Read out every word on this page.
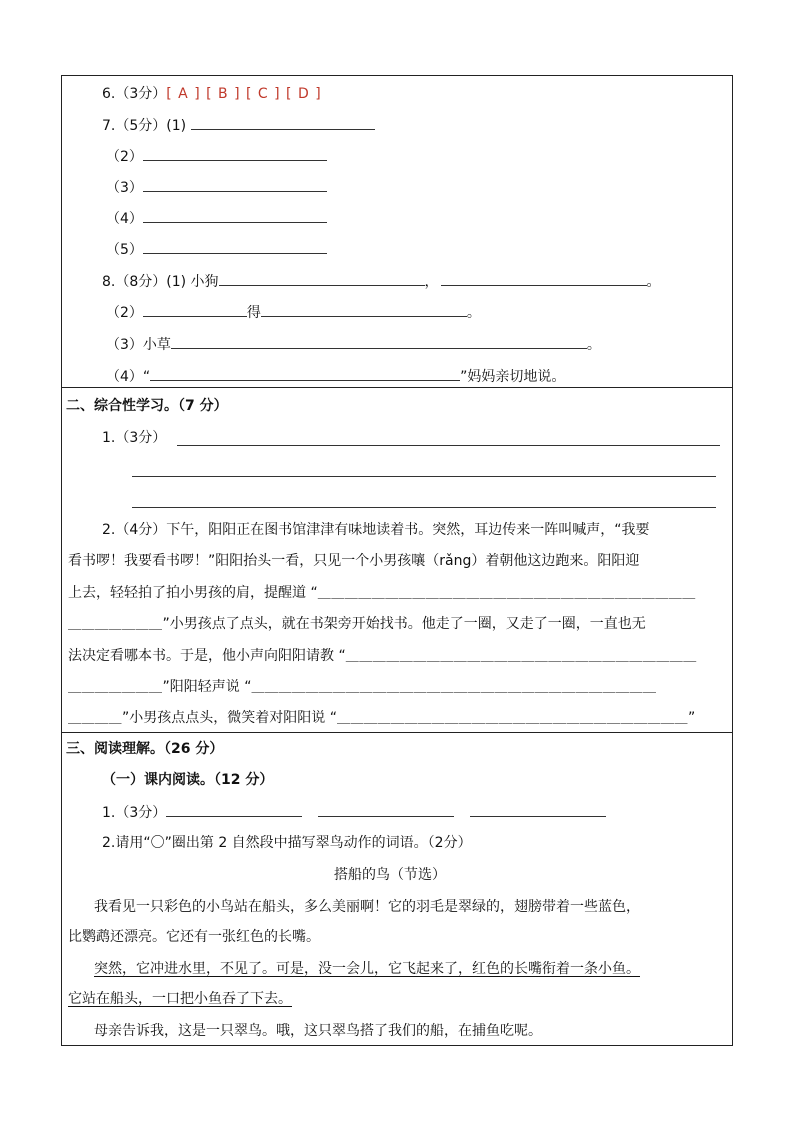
6.（3分）[ A ] [ B ] [ C ] [ D ]
7.（5分）(1)
（2）
（3）
（4）
（5）
8.（8分）(1) 小狗	，	。
（2）	得	。
（3）小草	。
（4）“	”妈妈亲切地说。
二、综合性学习。（7 分）
1.（3分）
2.（4分）下午，阳阳正在图书馆津津有味地读着书。突然，耳边传来一阵叫喊声，“我要
看书啰！我要看书啰！”阳阳抬头一看，只见一个小男孩嚷（rǎng）着朝他这边跑来。阳阳迎
上去，轻轻拍了拍小男孩的肩，提醒道 “＿＿＿＿＿＿＿＿＿＿＿＿＿＿＿＿＿＿＿＿＿＿＿＿＿＿＿＿
＿＿＿＿＿＿＿”小男孩点了点头，就在书架旁开始找书。他走了一圈，又走了一圈，一直也无
法决定看哪本书。于是，他小声向阳阳请教 “＿＿＿＿＿＿＿＿＿＿＿＿＿＿＿＿＿＿＿＿＿＿＿＿＿＿
＿＿＿＿＿＿＿”阳阳轻声说 “＿＿＿＿＿＿＿＿＿＿＿＿＿＿＿＿＿＿＿＿＿＿＿＿＿＿＿＿＿＿
＿＿＿＿”小男孩点点头，微笑着对阳阳说 “＿＿＿＿＿＿＿＿＿＿＿＿＿＿＿＿＿＿＿＿＿＿＿＿＿＿”
三、阅读理解。（26 分）
（一）课内阅读。（12 分）
1.（3分）
2.请用“〇”圈出第 2 自然段中描写翠鸟动作的词语。（2分）
搭船的鸟（节选）
我看见一只彩色的小鸟站在船头，多么美丽啊！它的羽毛是翠绿的，翅膀带着一些蓝色，
比鹦鹉还漂亮。它还有一张红色的长嘴。
突然，它冲进水里，不见了。可是，没一会儿，它飞起来了，红色的长嘴衔着一条小鱼。
它站在船头，一口把小鱼吞了下去。
母亲告诉我，这是一只翠鸟。哦，这只翠鸟搭了我们的船，在捕鱼吃呢。
